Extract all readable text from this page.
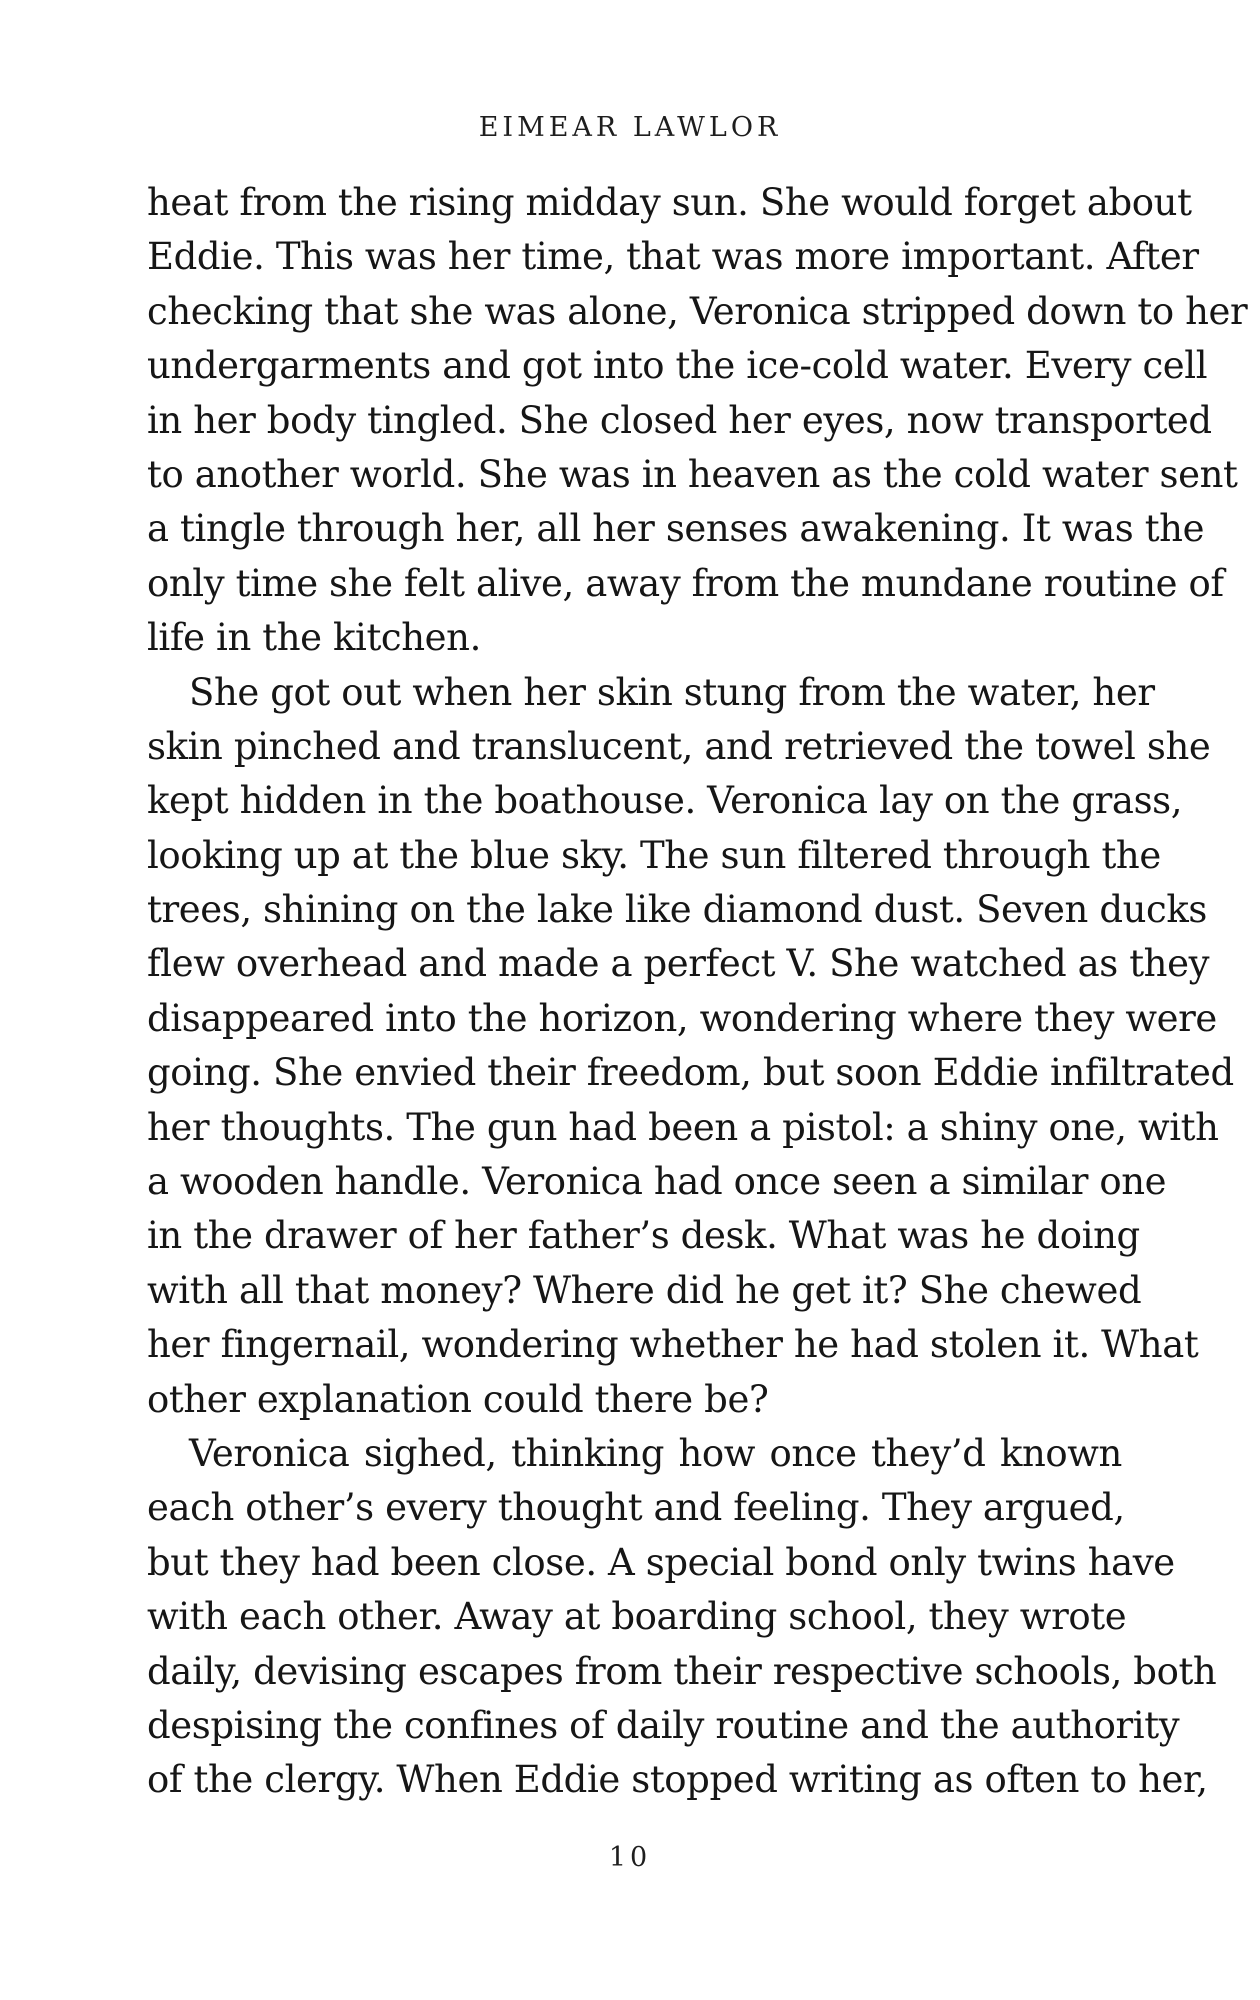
EIMEAR LAWLOR
heat from the rising midday sun. She would forget about
Eddie. This was her time, that was more important. After
checking that she was alone, Veronica stripped down to her
undergarments and got into the ice-cold water. Every cell
in her body tingled. She closed her eyes, now transported
to another world. She was in heaven as the cold water sent
a tingle through her, all her senses awakening. It was the
only time she felt alive, away from the mundane routine of
life in the kitchen.
She got out when her skin stung from the water, her
skin pinched and translucent, and retrieved the towel she
kept hidden in the boathouse. Veronica lay on the grass,
looking up at the blue sky. The sun filtered through the
trees, shining on the lake like diamond dust. Seven ducks
flew overhead and made a perfect V. She watched as they
disappeared into the horizon, wondering where they were
going. She envied their freedom, but soon Eddie infiltrated
her thoughts. The gun had been a pistol: a shiny one, with
a wooden handle. Veronica had once seen a similar one
in the drawer of her father’s desk. What was he doing
with all that money? Where did he get it? She chewed
her fingernail, wondering whether he had stolen it. What
other explanation could there be?
Veronica sighed, thinking how once they’d known
each other’s every thought and feeling. They argued,
but they had been close. A special bond only twins have
with each other. Away at boarding school, they wrote
daily, devising escapes from their respective schools, both
despising the confines of daily routine and the authority
of the clergy. When Eddie stopped writing as often to her,
10
